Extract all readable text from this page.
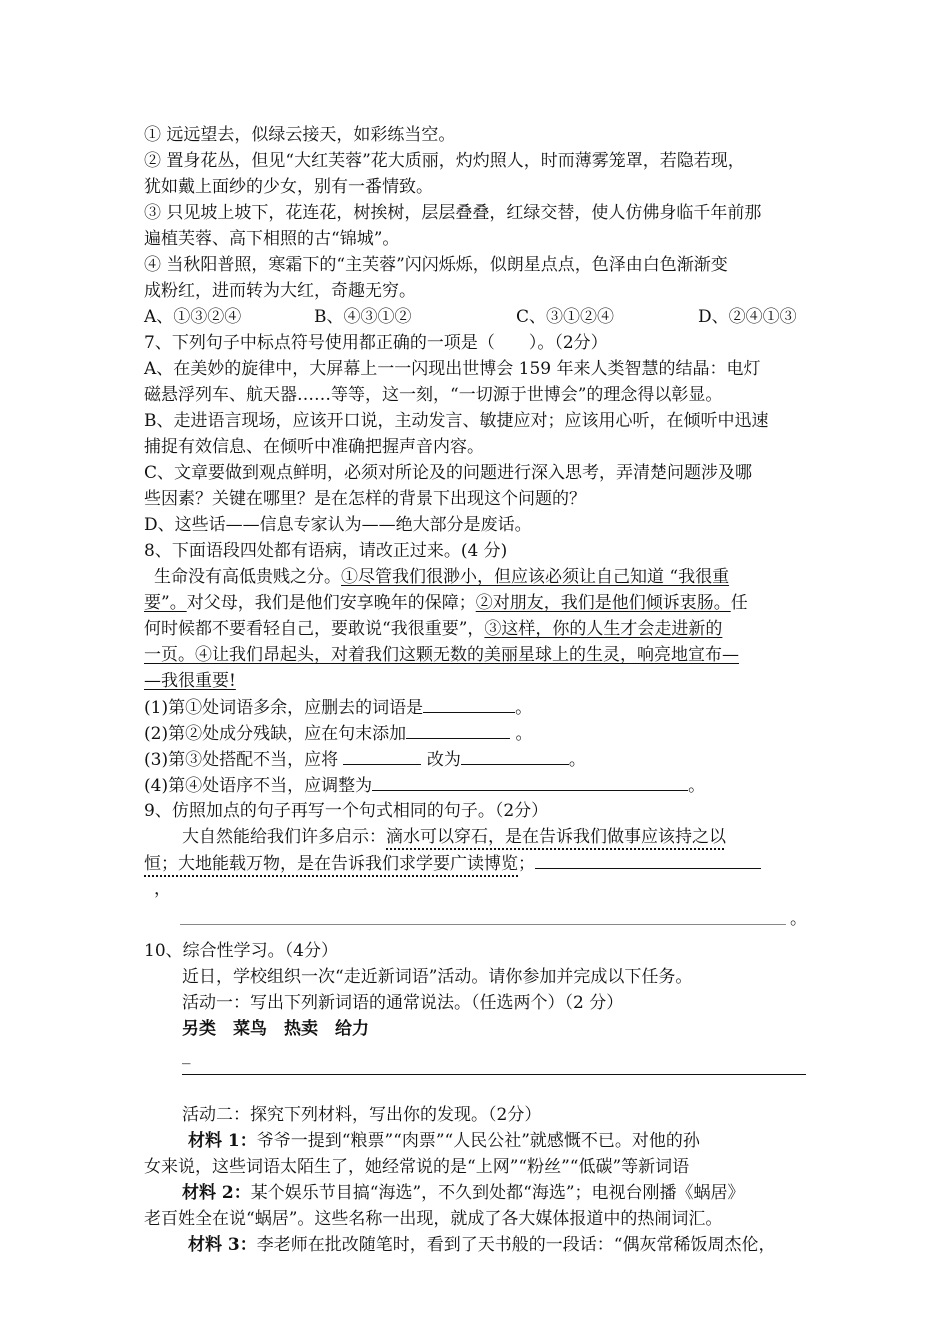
① 远远望去，似绿云接天，如彩练当空。
② 置身花丛，但见“大红芙蓉”花大质丽，灼灼照人，时而薄雾笼罩，若隐若现，
犹如戴上面纱的少女，别有一番情致。
③ 只见坡上坡下，花连花，树挨树，层层叠叠，红绿交替，使人仿佛身临千年前那
遍植芙蓉、高下相照的古“锦城”。
④ 当秋阳普照，寒霜下的“主芙蓉”闪闪烁烁，似朗星点点，色泽由白色渐渐变
成粉红，进而转为大红，奇趣无穷。
A、①③②④	B、④③①②	C、③①②④	D、②④①③
7、下列句子中标点符号使用都正确的一项是（　　）。（2分）
A、在美妙的旋律中，大屏幕上一一闪现出世博会 159 年来人类智慧的结晶：电灯
磁悬浮列车、航天器……等等，这一刻，“一切源于世博会”的理念得以彰显。
B、走进语言现场，应该开口说，主动发言、敏捷应对；应该用心听，在倾听中迅速
捕捉有效信息、在倾听中准确把握声音内容。
C、文章要做到观点鲜明，必须对所论及的问题进行深入思考，弄清楚问题涉及哪
些因素？关键在哪里？是在怎样的背景下出现这个问题的？
D、这些话——信息专家认为——绝大部分是废话。
8、下面语段四处都有语病，请改正过来。(4 分)
生命没有高低贵贱之分。①尽管我们很渺小，但应该必须让自己知道 “我很重
要”。对父母，我们是他们安享晚年的保障；②对朋友，我们是他们倾诉衷肠。任
何时候都不要看轻自己，要敢说“我很重要”，③这样，你的人生才会走进新的
一页。④让我们昂起头，对着我们这颗无数的美丽星球上的生灵，响亮地宣布—
—我很重要!
(1)第①处词语多余，应删去的词语是	。
(2)第②处成分残缺，应在句末添加	。
(3)第③处搭配不当，应将	改为	。
(4)第④处语序不当，应调整为	。
9、仿照加点的句子再写一个句式相同的句子。（2分）
大自然能给我们许多启示：滴水可以穿石，是在告诉我们做事应该持之以
恒；大地能载万物，是在告诉我们求学要广读博览；
，
。
10、综合性学习。（4分）
近日，学校组织一次“走近新词语”活动。请你参加并完成以下任务。
活动一：写出下列新词语的通常说法。（任选两个）（2 分）
另类　菜鸟　热卖　给力
_
活动二：探究下列材料，写出你的发现。（2分）
材料 1：爷爷一提到“粮票”“肉票”“人民公社”就感慨不已。对他的孙
女来说，这些词语太陌生了，她经常说的是“上网”“粉丝”“低碳”等新词语
材料 2：某个娱乐节目搞“海选”，不久到处都“海选”；电视台刚播《蜗居》
老百姓全在说“蜗居”。这些名称一出现，就成了各大媒体报道中的热闹词汇。
材料 3：李老师在批改随笔时，看到了天书般的一段话：“偶灰常稀饭周杰伦，
